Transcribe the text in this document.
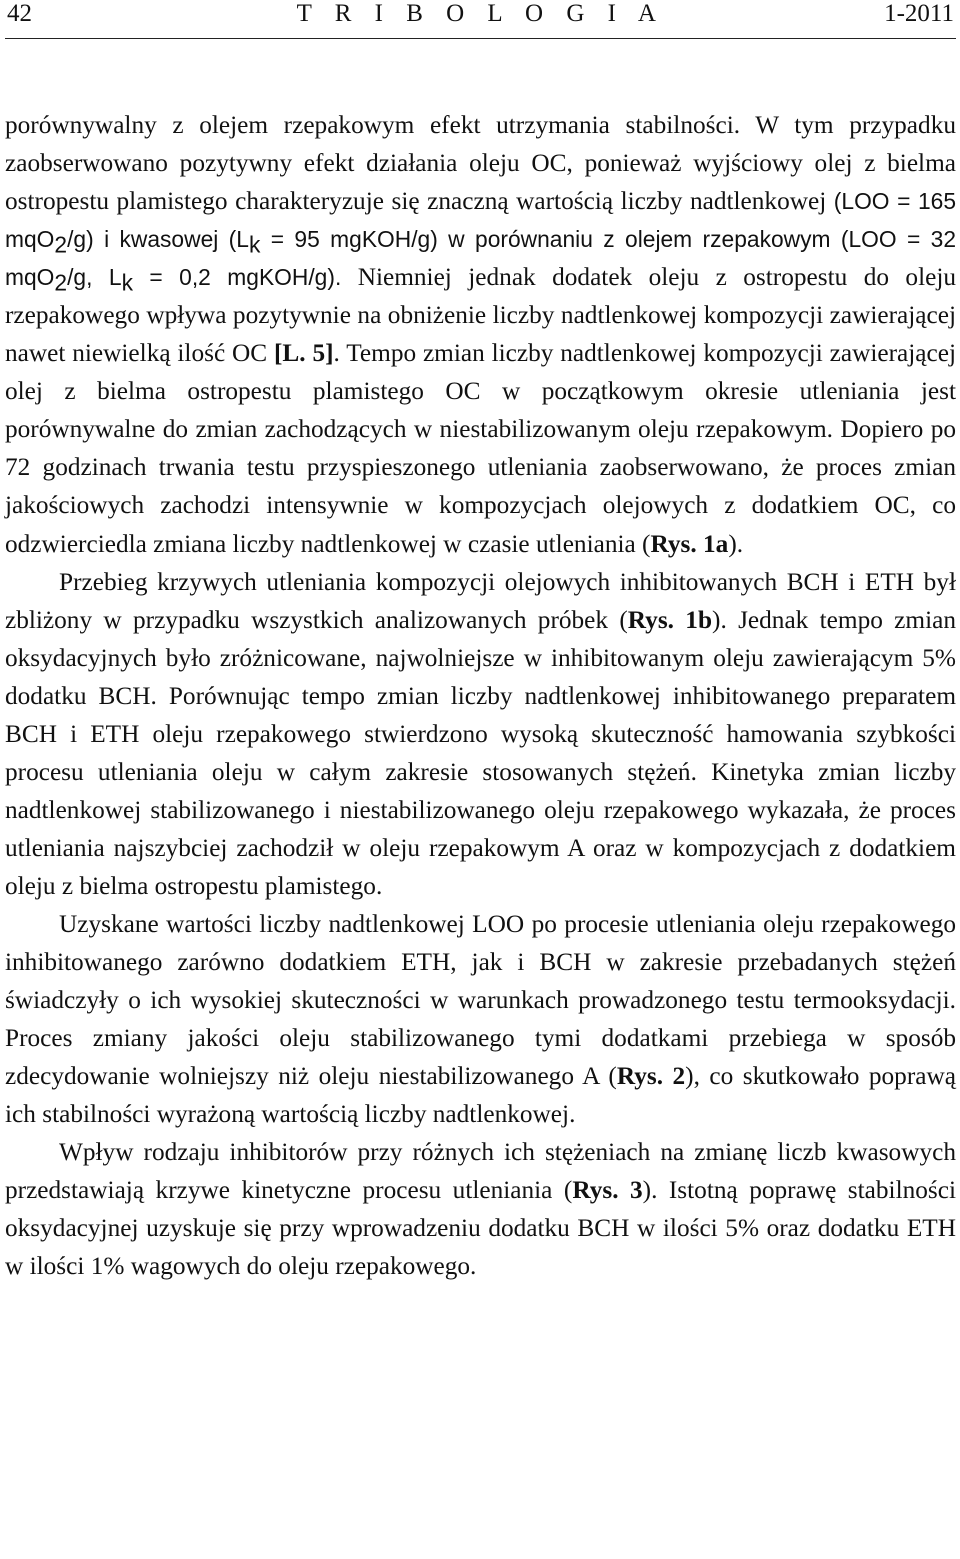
42	T R I B O L O G I A	1-2011

porównywalny z olejem rzepakowym efekt utrzymania stabilności. W tym przypadku zaobserwowano pozytywny efekt działania oleju OC, ponieważ wyjściowy olej z bielma ostropestu plamistego charakteryzuje się znaczną wartością liczby nadtlenkowej (LOO = 165 mqO$_2$/g) i kwasowej ($L_k = 95$ mgKOH/g) w porównaniu z olejem rzepakowym (LOO = 32 mqO$_2$/g, $L_k = 0,2$ mgKOH/g). Niemniej jednak dodatek oleju z ostropestu do oleju rzepakowego wpływa pozytywnie na obniżenie liczby nadtlenkowej kompozycji zawierającej nawet niewielką ilość OC [L. 5]. Tempo zmian liczby nadtlenkowej kompozycji zawierającej olej z bielma ostropestu plamistego OC w początkowym okresie utleniania jest porównywalne do zmian zachodzących w niestabilizowanym oleju rzepakowym. Dopiero po 72 godzinach trwania testu przyspieszonego utleniania zaobserwowano, że proces zmian jakościowych zachodzi intensywnie w kompozycjach olejowych z dodatkiem OC, co odzwierciedla zmiana liczby nadtlenkowej w czasie utleniania (Rys. 1a).

Przebieg krzywych utleniania kompozycji olejowych inhibitowanych BCH i ETH był zbliżony w przypadku wszystkich analizowanych próbek (Rys. 1b). Jednak tempo zmian oksydacyjnych było zróżnicowane, najwolniejsze w inhibitowanym oleju zawierającym 5% dodatku BCH. Porównując tempo zmian liczby nadtlenkowej inhibitowanego preparatem BCH i ETH oleju rzepakowego stwierdzono wysoką skuteczność hamowania szybkości procesu utleniania oleju w całym zakresie stosowanych stężeń. Kinetyka zmian liczby nadtlenkowej stabilizowanego i niestabilizowanego oleju rzepakowego wykazała, że proces utleniania najszybciej zachodził w oleju rzepakowym A oraz w kompozycjach z dodatkiem oleju z bielma ostropestu plamistego.

Uzyskane wartości liczby nadtlenkowej LOO po procesie utleniania oleju rzepakowego inhibitowanego zarówno dodatkiem ETH, jak i BCH w zakresie przebadanych stężeń świadczyły o ich wysokiej skuteczności w warunkach prowadzonego testu termooksydacji. Proces zmiany jakości oleju stabilizowanego tymi dodatkami przebiega w sposób zdecydowanie wolniejszy niż oleju niestabilizowanego A (Rys. 2), co skutkowało poprawą ich stabilności wyrażoną wartością liczby nadtlenkowej.

Wpływ rodzaju inhibitorów przy różnych ich stężeniach na zmianę liczb kwasowych przedstawiają krzywe kinetyczne procesu utleniania (Rys. 3). Istotną poprawę stabilności oksydacyjnej uzyskuje się przy wprowadzeniu dodatku BCH w ilości 5% oraz dodatku ETH w ilości 1% wagowych do oleju rzepakowego.
